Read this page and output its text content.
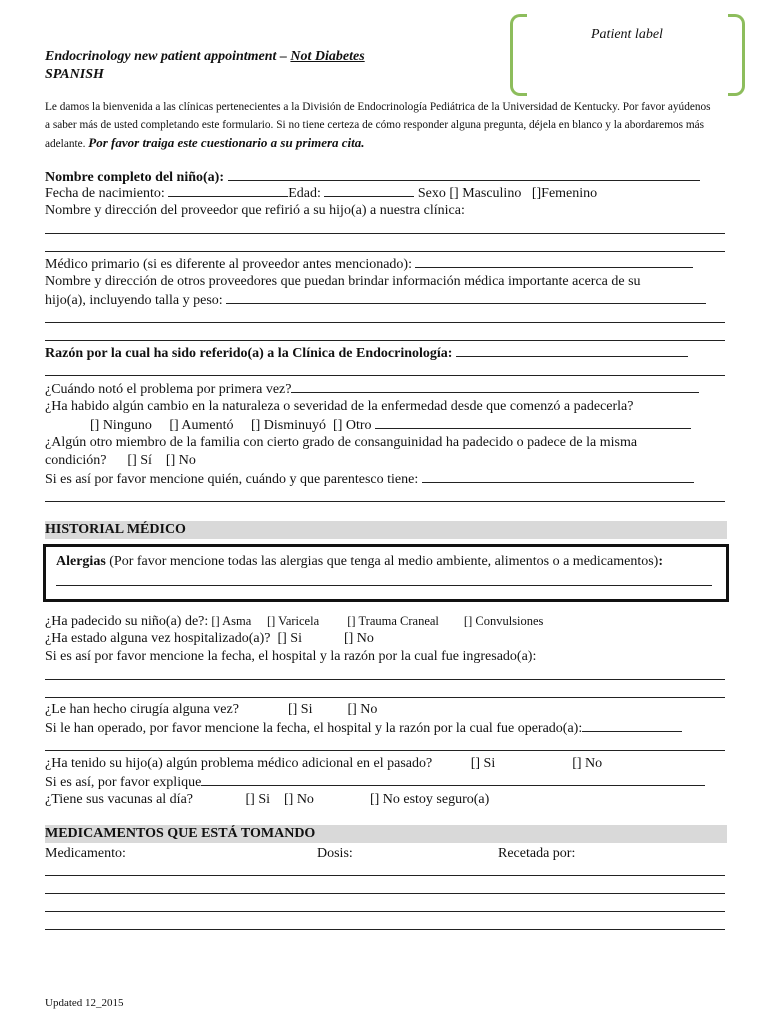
Patient label
Endocrinology new patient appointment – Not Diabetes
SPANISH
Le damos la bienvenida a las clínicas pertenecientes a la División de Endocrinología Pediátrica de la Universidad de Kentucky. Por favor ayúdenos a saber más de usted completando este formulario. Si no tiene certeza de cómo responder alguna pregunta, déjela en blanco y la abordaremos más adelante. Por favor traiga este cuestionario a su primera cita.
Nombre completo del niño(a):
Fecha de nacimiento:	Edad:	Sexo [] Masculino []Femenino
Nombre y dirección del proveedor que refirió a su hijo(a) a nuestra clínica:
Médico primario (si es diferente al proveedor antes mencionado):
Nombre y dirección de otros proveedores que puedan brindar información médica importante acerca de su
hijo(a), incluyendo talla y peso:
Razón por la cual ha sido referido(a) a la Clínica de Endocrinología:
¿Cuándo notó el problema por primera vez?
¿Ha habido algún cambio en la naturaleza o severidad de la enfermedad desde que comenzó a padecerla?
[] Ninguno [] Aumentó [] Disminuyó [] Otro
¿Algún otro miembro de la familia con cierto grado de consanguinidad ha padecido o padece de la misma
condición? [] Sí [] No
Si es así por favor mencione quién, cuándo y que parentesco tiene:
HISTORIAL MÉDICO
Alergias (Por favor mencione todas las alergias que tenga al medio ambiente, alimentos o a medicamentos):
¿Ha padecido su niño(a) de?: [] Asma [] Varicela [] Trauma Craneal [] Convulsiones
¿Ha estado alguna vez hospitalizado(a)? [] Si	[] No
Si es así por favor mencione la fecha, el hospital y la razón por la cual fue ingresado(a):
¿Le han hecho cirugía alguna vez?	[] Si	[] No
Si le han operado, por favor mencione la fecha, el hospital y la razón por la cual fue operado(a):
¿Ha tenido su hijo(a) algún problema médico adicional en el pasado?	[] Si	[] No
Si es así, por favor explique
¿Tiene sus vacunas al día?	[] Si [] No	[] No estoy seguro(a)
MEDICAMENTOS QUE ESTÁ TOMANDO
Medicamento:	Dosis:	Recetada por:
Updated 12_2015
